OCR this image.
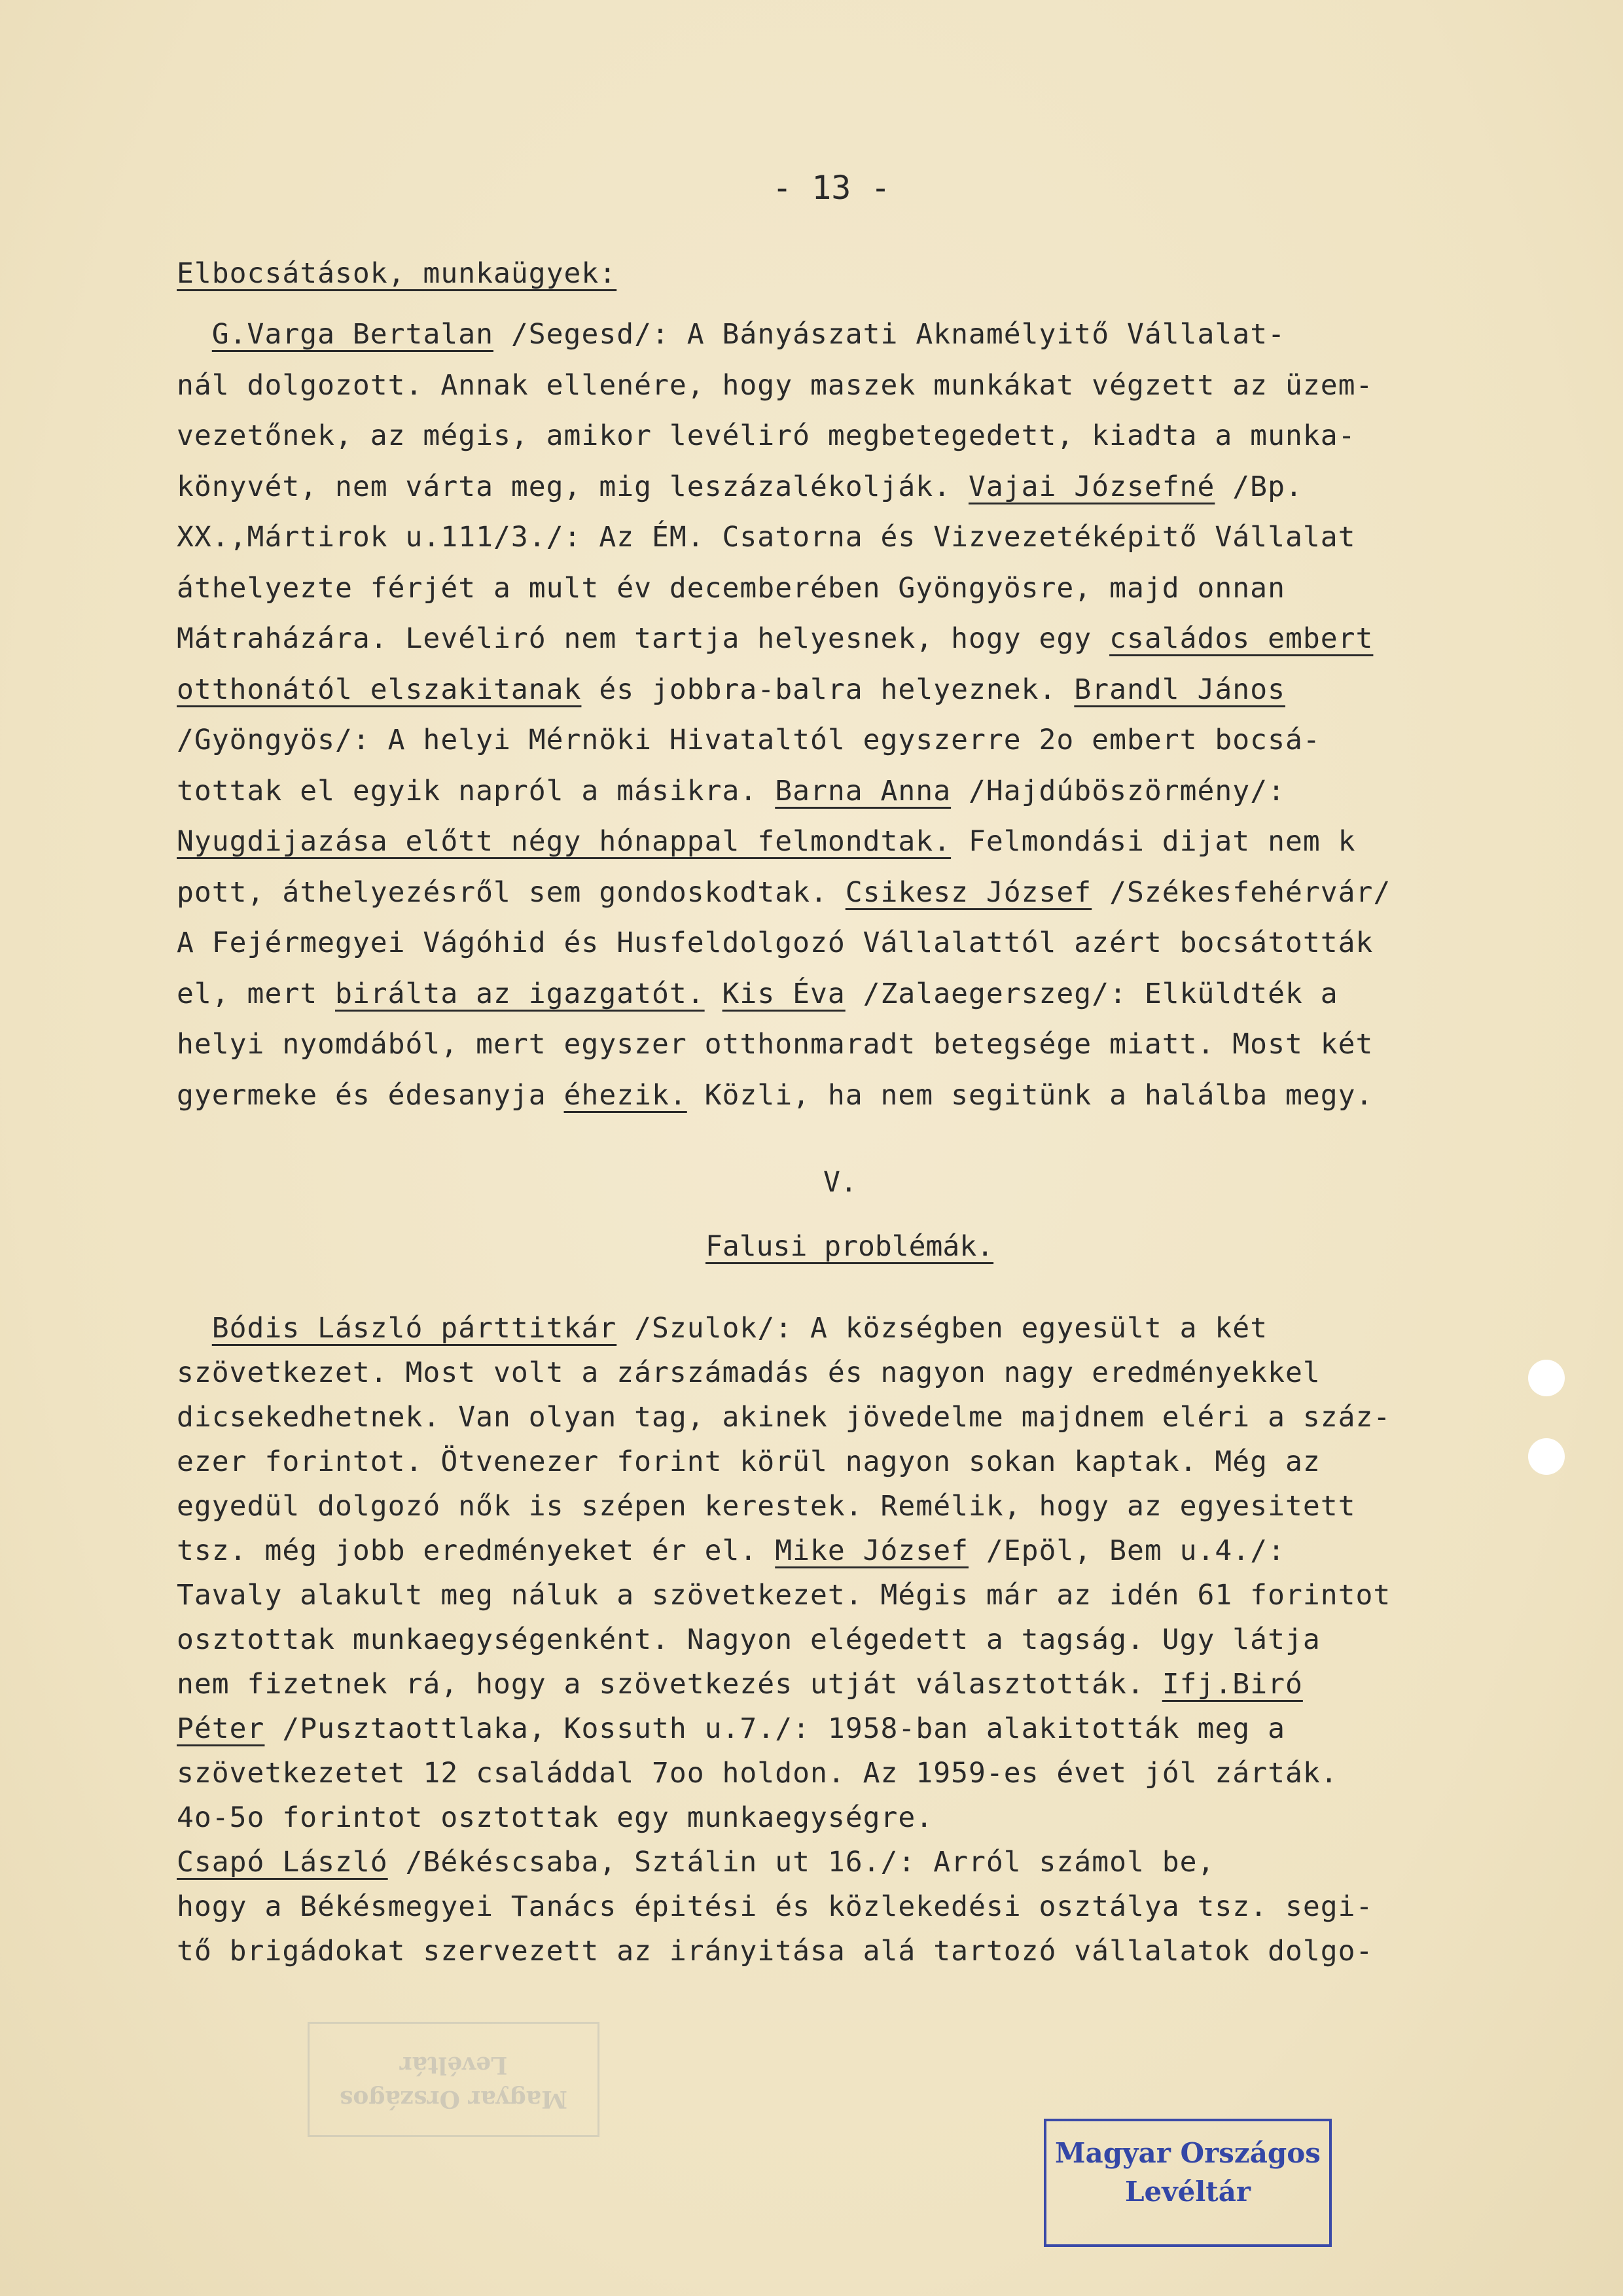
- 13 -
Elbocsátások, munkaügyek:
G.Varga Bertalan /Segesd/: A Bányászati Aknamélyitő Vállalat-
nál dolgozott. Annak ellenére, hogy maszek munkákat végzett az üzem-
vezetőnek, az mégis, amikor levéliró megbetegedett, kiadta a munka-
könyvét, nem várta meg, mig leszázalékolják. Vajai Józsefné /Bp.
XX.,Mártirok u.111/3./: Az ÉM. Csatorna és Vizvezetéképitő Vállalat
áthelyezte férjét a mult év decemberében Gyöngyösre, majd onnan
Mátraházára. Levéliró nem tartja helyesnek, hogy egy családos embert
otthonától elszakitanak és jobbra-balra helyeznek. Brandl János
/Gyöngyös/: A helyi Mérnöki Hivataltól egyszerre 2o embert bocsá-
tottak el egyik napról a másikra. Barna Anna /Hajdúböszörmény/:
Nyugdijazása előtt négy hónappal felmondtak. Felmondási dijat nem k
pott, áthelyezésről sem gondoskodtak. Csikesz József /Székesfehérvár/
A Fejérmegyei Vágóhid és Husfeldolgozó Vállalattól azért bocsátották
el, mert birálta az igazgatót. Kis Éva /Zalaegerszeg/: Elküldték a
helyi nyomdából, mert egyszer otthonmaradt betegsége miatt. Most két
gyermeke és édesanyja éhezik. Közli, ha nem segitünk a halálba megy.
V.
Falusi problémák.
Bódis László párttitkár /Szulok/: A községben egyesült a két
szövetkezet. Most volt a zárszámadás és nagyon nagy eredményekkel
dicsekedhetnek. Van olyan tag, akinek jövedelme majdnem eléri a száz-
ezer forintot. Ötvenezer forint körül nagyon sokan kaptak. Még az
egyedül dolgozó nők is szépen kerestek. Remélik, hogy az egyesitett
tsz. még jobb eredményeket ér el. Mike József /Epöl, Bem u.4./:
Tavaly alakult meg náluk a szövetkezet. Mégis már az idén 61 forintot
osztottak munkaegységenként. Nagyon elégedett a tagság. Ugy látja
nem fizetnek rá, hogy a szövetkezés utját választották. Ifj.Biró
Péter /Pusztaottlaka, Kossuth u.7./: 1958-ban alakitották meg a
szövetkezetet 12 családdal 7oo holdon. Az 1959-es évet jól zárták.
4o-5o forintot osztottak egy munkaegységre.
Csapó László /Békéscsaba, Sztálin ut 16./: Arról számol be,
hogy a Békésmegyei Tanács épitési és közlekedési osztálya tsz. segi-
tő brigádokat szervezett az irányitása alá tartozó vállalatok dolgo-
Magyar Országos
Levéltár
Magyar Országos
Levéltár
